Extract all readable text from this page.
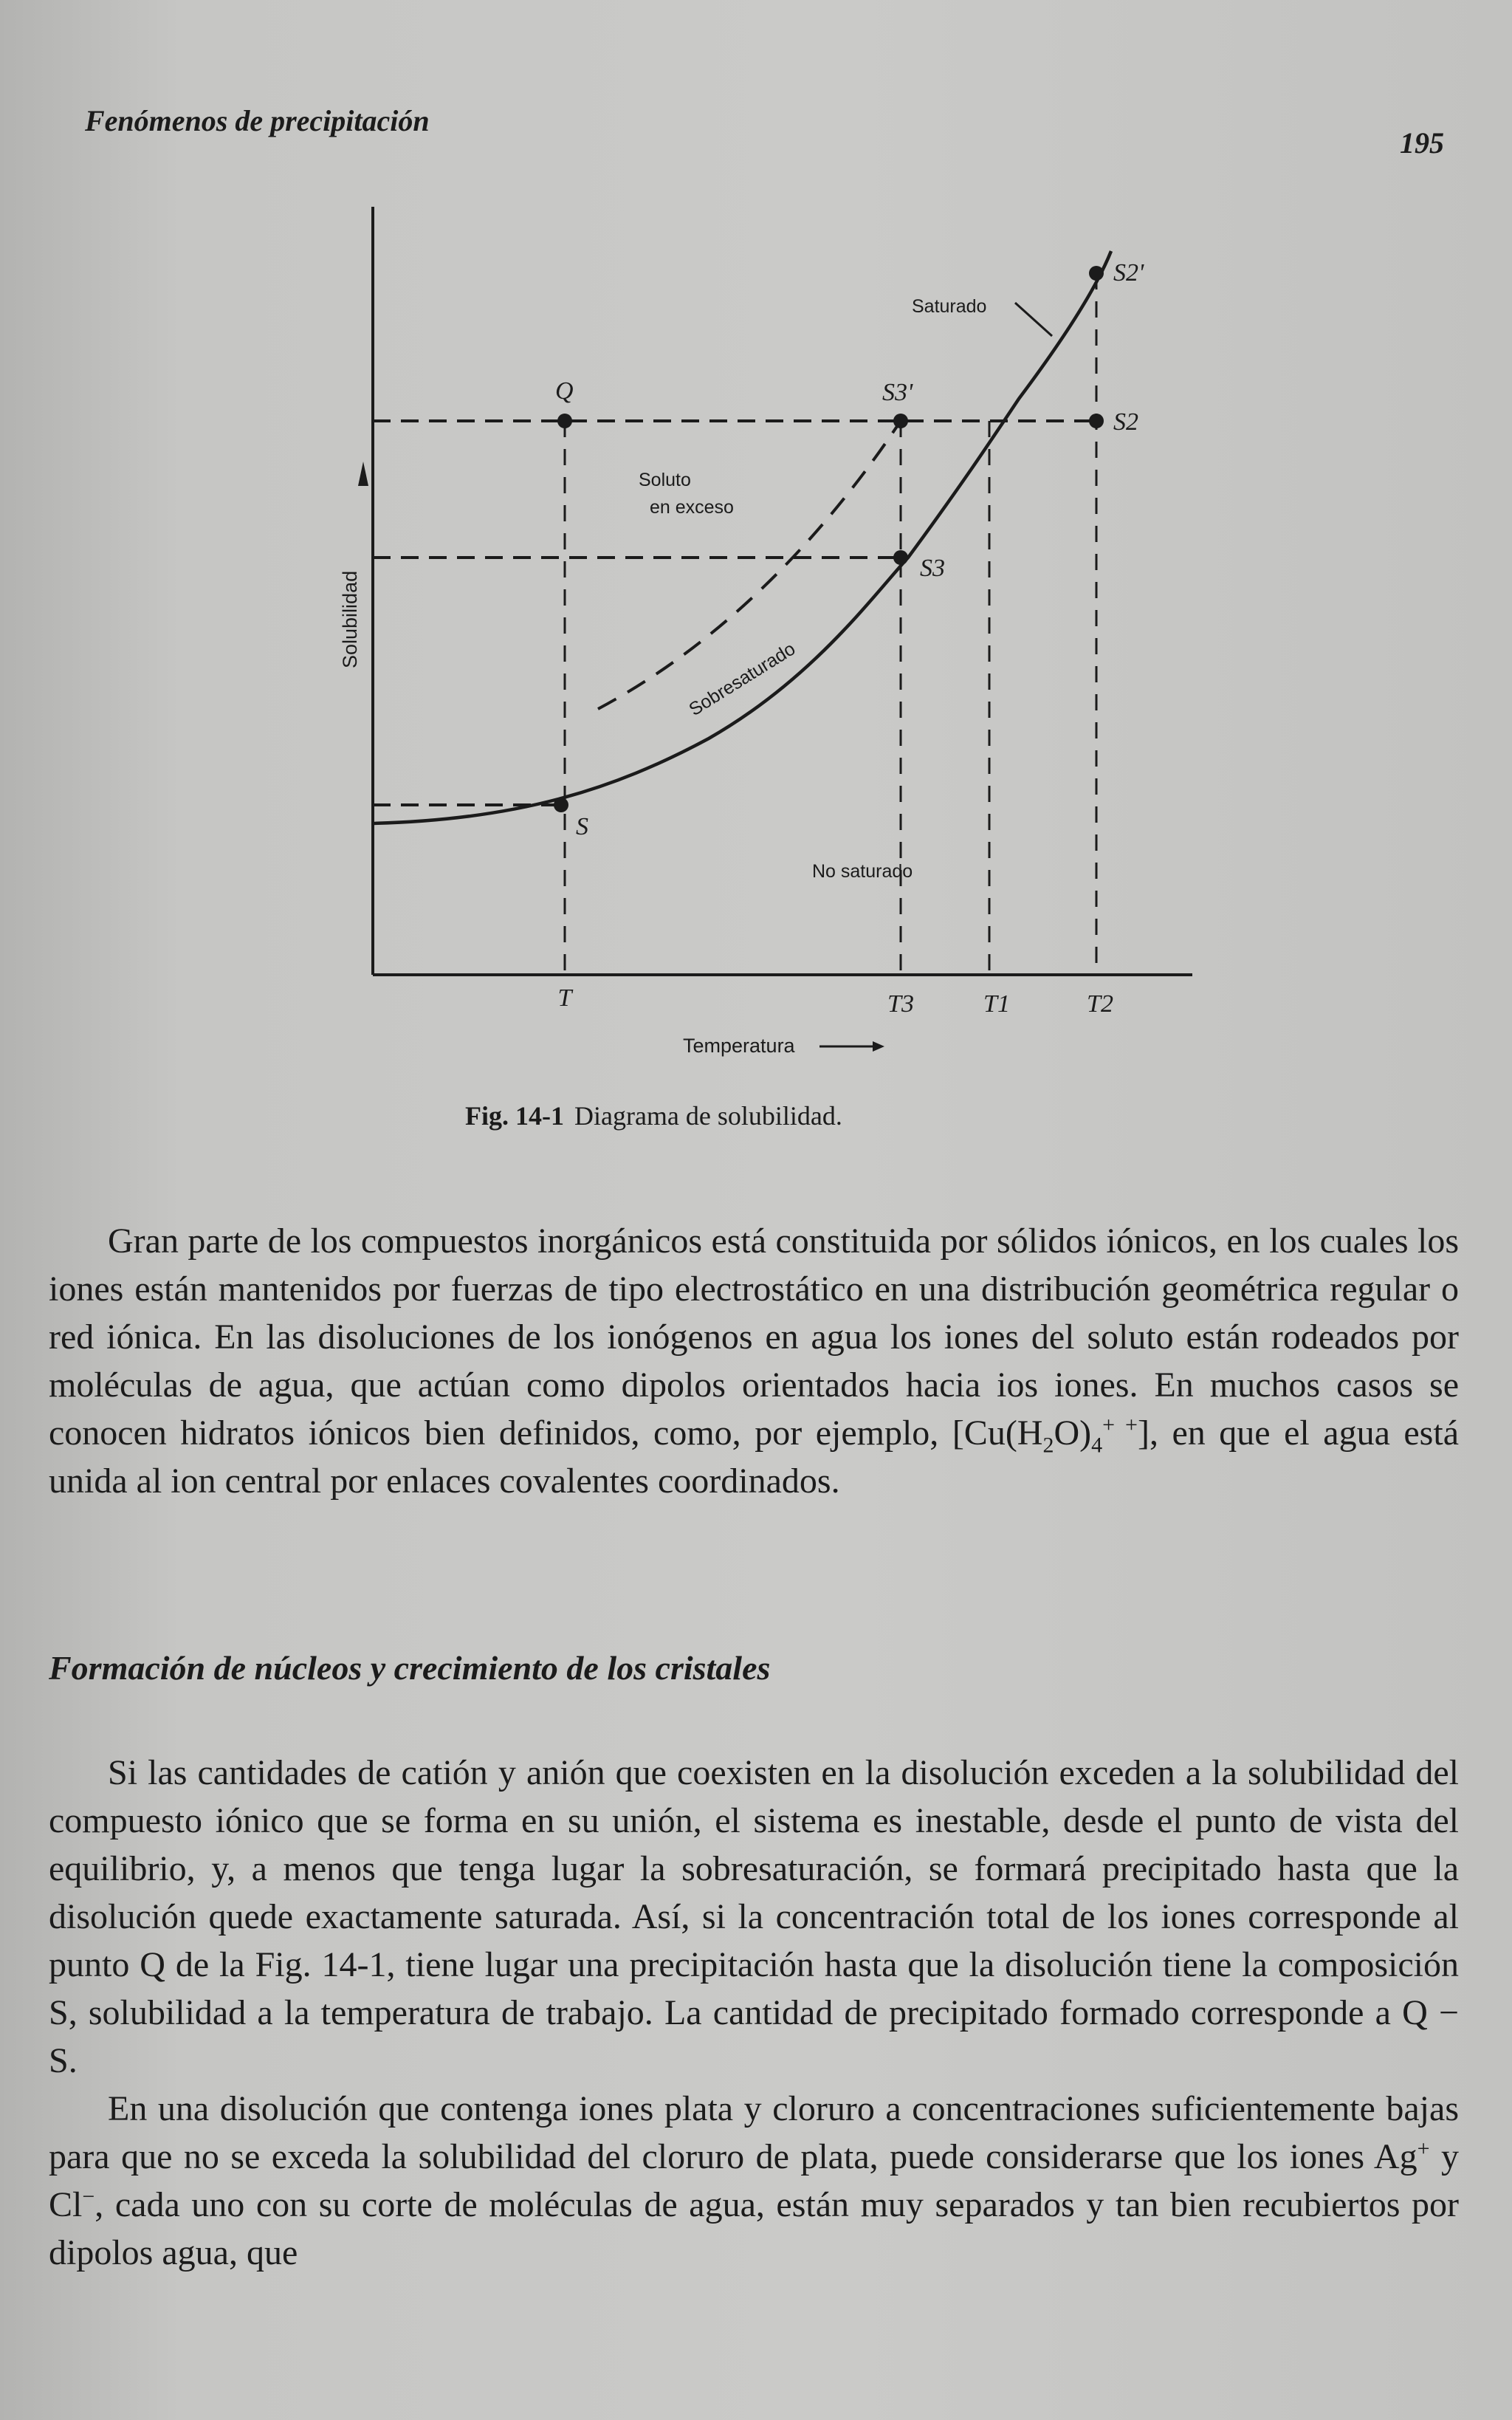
Fenómenos de precipitación
195
Q	S3'
S2'
S2
S3
S
T	T3	T1	T2
Saturado
Soluto
en exceso
No saturado
Sobresaturado
Solubilidad
Temperatura
Fig. 14-1 Diagrama de solubilidad.

Gran parte de los compuestos inorgánicos está constituida por sólidos iónicos, en los cuales los iones están mantenidos por fuerzas de tipo electrostático en una distribución geométrica regular o red iónica. En las disoluciones de los ionógenos en agua los iones del soluto están rodeados por moléculas de agua, que actúan como dipolos orientados hacia ios iones. En muchos casos se conocen hidratos iónicos bien definidos, como, por ejemplo, $[Cu(H_2O)_4^{+ +}]$, en que el agua está unida al ion central por enlaces covalentes coordinados.

Formación de núcleos y crecimiento de los cristales

Si las cantidades de catión y anión que coexisten en la disolución exceden a la solubilidad del compuesto iónico que se forma en su unión, el sistema es inestable, desde el punto de vista del equilibrio, y, a menos que tenga lugar la sobresaturación, se formará precipitado hasta que la disolución quede exactamente saturada. Así, si la concentración total de los iones corresponde al punto Q de la Fig. 14-1, tiene lugar una precipitación hasta que la disolución tiene la composición S, solubilidad a la temperatura de trabajo. La cantidad de precipitado formado corresponde a Q − S.

En una disolución que contenga iones plata y cloruro a concentraciones suficientemente bajas para que no se exceda la solubilidad del cloruro de plata, puede considerarse que los iones Ag+ y Cl−, cada uno con su corte de moléculas de agua, están muy separados y tan bien recubiertos por dipolos agua, que
